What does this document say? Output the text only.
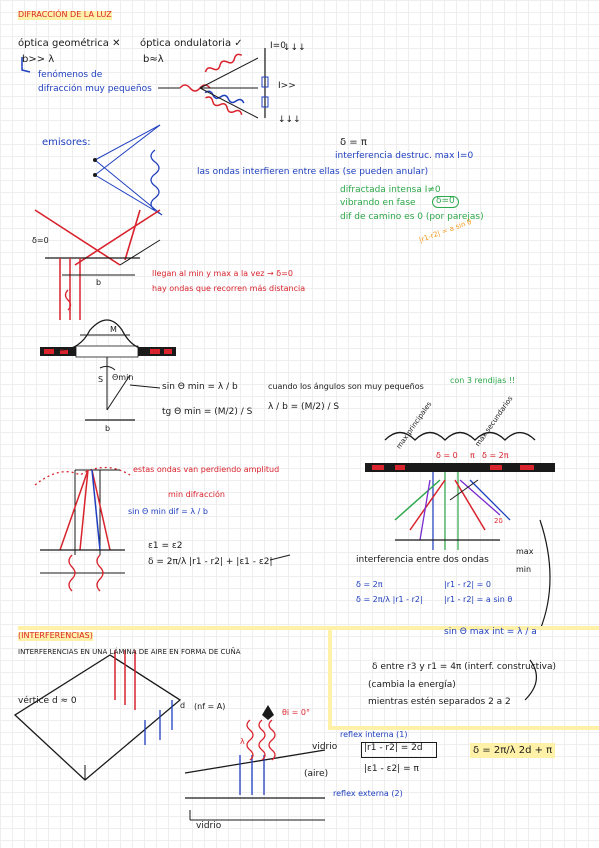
DIFRACCIÓN DE LA LUZ
óptica geométrica ✕
b>> λ
fenómenos de
difracción muy pequeños
óptica ondulatoria ✓
b≈λ
I=0
↓↓↓
I>>
↓↓↓
emisores:	δ = π
interferencia destruc. max I=0
las ondas interfieren entre ellas (se pueden anular)
difractada intensa I≠0
vibrando en fase	δ=0
dif de camino es 0 (por parejas)
|r1-r2| = a sin θ
δ=0
b
llegan al min y max a la vez → δ=0
hay ondas que recorren más distancia
M
S Θmin
b
sin Θ min = λ / b
tg Θ min = (M/2) / S
cuando los ángulos son muy pequeños
λ / b = (M/2) / S
con 3 rendijas !!
max principales	max secundarios
δ = 0 π δ = 2π
2δ
estas ondas van perdiendo amplitud
min difracción
sin Θ min dif = λ / b
ε1 = ε2
δ = 2π/λ |r1 - r2| + |ε1 - ε2|	interferencia entre dos ondas
max
min
δ = 2π
δ = 2π/λ |r1 - r2|
|r1 - r2| = 0
|r1 - r2| = a sin θ
sin Θ max int = λ / a
(INTERFERENCIAS)
INTERFERENCIAS EN UNA LÁMINA DE AIRE EN FORMA DE CUÑA
δ entre r3 y r1 = 4π (interf. constructiva)
(cambia la energía)
mientras estén separados 2 a 2
vértice d ≈ 0	d (nf = A)
θi = 0°
λ
reflex interna (1)
vidrio	|r1 - r2| = 2d
|ε1 - ε2| = π
(aire)
reflex externa (2)
δ = 2π/λ 2d + π
vidrio
